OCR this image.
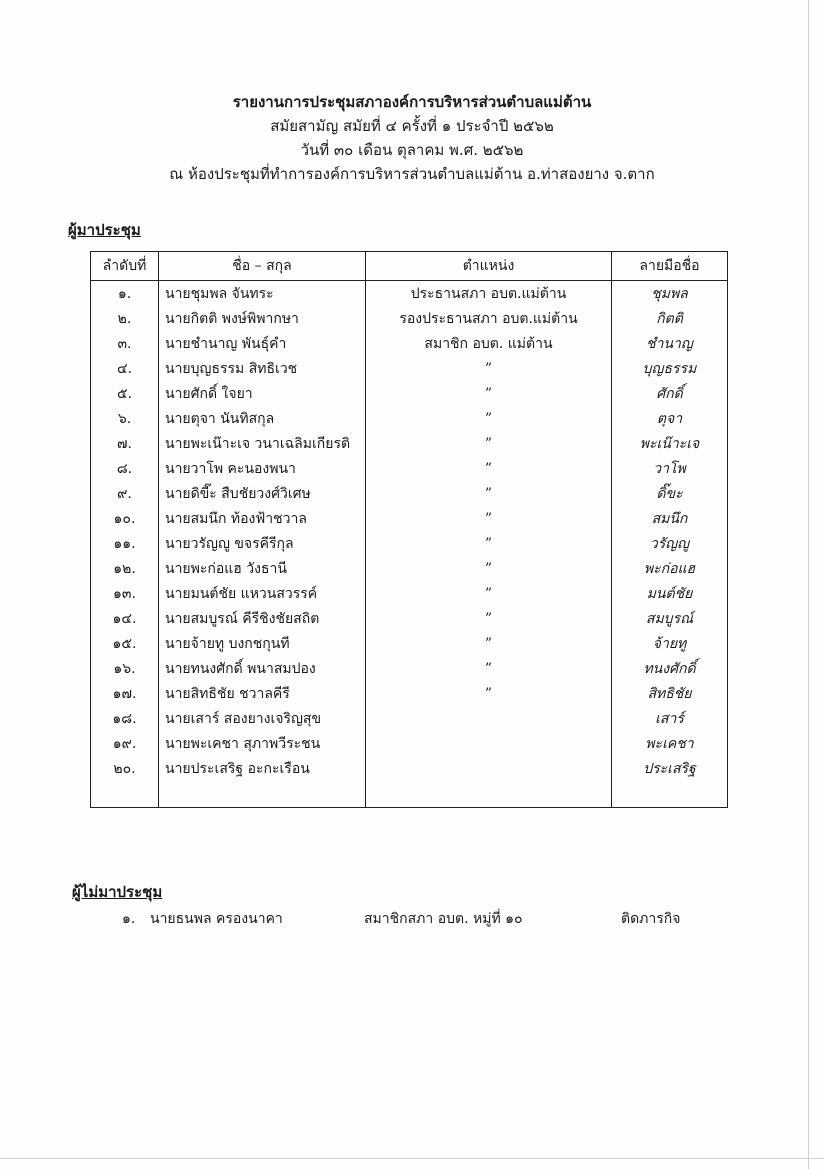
รายงานการประชุมสภาองค์การบริหารส่วนตำบลแม่ต้าน
สมัยสามัญ สมัยที่ ๔ ครั้งที่ ๑ ประจำปี ๒๕๖๒
วันที่ ๓๐ เดือน ตุลาคม พ.ศ. ๒๕๖๒
ณ ห้องประชุมที่ทำการองค์การบริหารส่วนตำบลแม่ต้าน อ.ท่าสองยาง จ.ตาก
ผู้มาประชุม
ลำดับที่	ชื่อ – สกุล	ตำแหน่ง	ลายมือชื่อ
๑.	นายชุมพล จันทระ	ประธานสภา อบต.แม่ต้าน	ชุมพล
๒.	นายกิตติ พงษ์พิพากษา	รองประธานสภา อบต.แม่ต้าน	กิตติ
๓.	นายชำนาญ พันธุ์คำ	สมาชิก อบต. แม่ต้าน	ชำนาญ
๔.	นายบุญธรรม สิทธิเวช	”	บุญธรรม
๕.	นายศักดิ์ ใจยา	”	ศักดิ์
๖.	นายตุจา นันทิสกุล	”	ตุจา
๗.	นายพะเน๊าะเจ วนาเฉลิมเกียรติ	”	พะเน๊าะเจ
๘.	นายวาโพ คะนองพนา	”	วาโพ
๙.	นายดิขี๊ะ สืบชัยวงศ์วิเศษ	”	ดิ๊ขะ
๑๐.	นายสมนึก ท้องฟ้าชวาล	”	สมนึก
๑๑.	นายวรัญญู ขจรคีรีกุล	”	วรัญญู
๑๒.	นายพะก่อแฮ วังธานี	”	พะก่อแฮ
๑๓.	นายมนต์ชัย แหวนสวรรค์	”	มนต์ชัย
๑๔.	นายสมบูรณ์ คีรีชิงชัยสถิต	”	สมบูรณ์
๑๕.	นายจ้ายทู บงกชกุนที	”	จ้ายทู
๑๖.	นายทนงศักดิ์ พนาสมปอง	”	ทนงศักดิ์
๑๗.	นายสิทธิชัย ชวาลคีรี	”	สิทธิชัย
๑๘.	นายเสาร์ สองยางเจริญสุข		เสาร์
๑๙.	นายพะเคชา สุภาพวีระชน		พะเคชา
๒๐.	นายประเสริฐ อะกะเรือน		ประเสริฐ

ผู้ไม่มาประชุม
๑. นายธนพล ครองนาคา	สมาชิกสภา อบต. หมู่ที่ ๑๐	ติดภารกิจ
